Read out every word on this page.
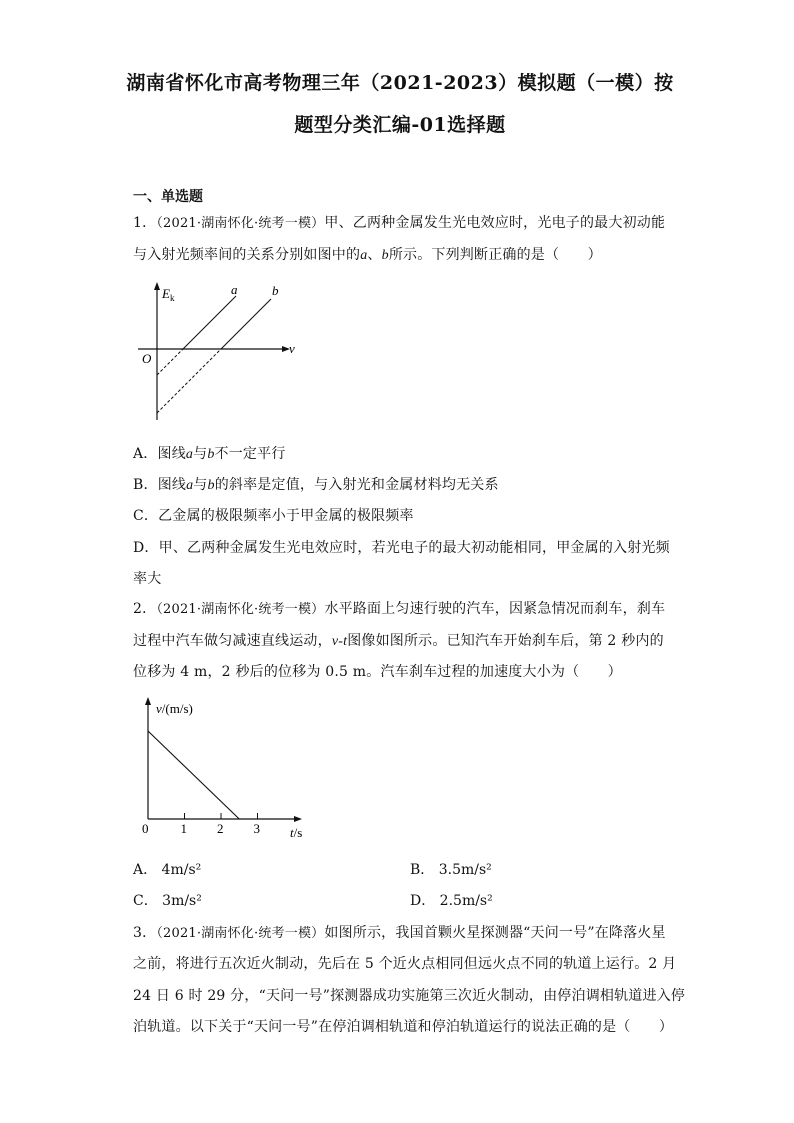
湖南省怀化市高考物理三年（2021-2023）模拟题（一模）按
题型分类汇编-01选择题
一、单选题
1．（2021·湖南怀化·统考一模）甲、乙两种金属发生光电效应时，光电子的最大初动能
与入射光频率间的关系分别如图中的a、b所示。下列判断正确的是（　　）
$E_k$
ν
O
a	b
A．图线a与b不一定平行
B．图线a与b的斜率是定值，与入射光和金属材料均无关系
C．乙金属的极限频率小于甲金属的极限频率
D．甲、乙两种金属发生光电效应时，若光电子的最大初动能相同，甲金属的入射光频
率大
2．（2021·湖南怀化·统考一模）水平路面上匀速行驶的汽车，因紧急情况而刹车，刹车
过程中汽车做匀减速直线运动，v-t图像如图所示。已知汽车开始刹车后，第 2 秒内的
位移为 4 m，2 秒后的位移为 0.5 m。汽车刹车过程的加速度大小为（　　）
v/(m/s)
t/s
0 1 2 3
A． 4m/s²	B． 3.5m/s²
C． 3m/s²	D． 2.5m/s²
3．（2021·湖南怀化·统考一模）如图所示，我国首颗火星探测器“天问一号”在降落火星
之前，将进行五次近火制动，先后在 5 个近火点相同但远火点不同的轨道上运行。2 月
24 日 6 时 29 分，“天问一号”探测器成功实施第三次近火制动，由停泊调相轨道进入停
泊轨道。以下关于“天问一号”在停泊调相轨道和停泊轨道运行的说法正确的是（　　）
